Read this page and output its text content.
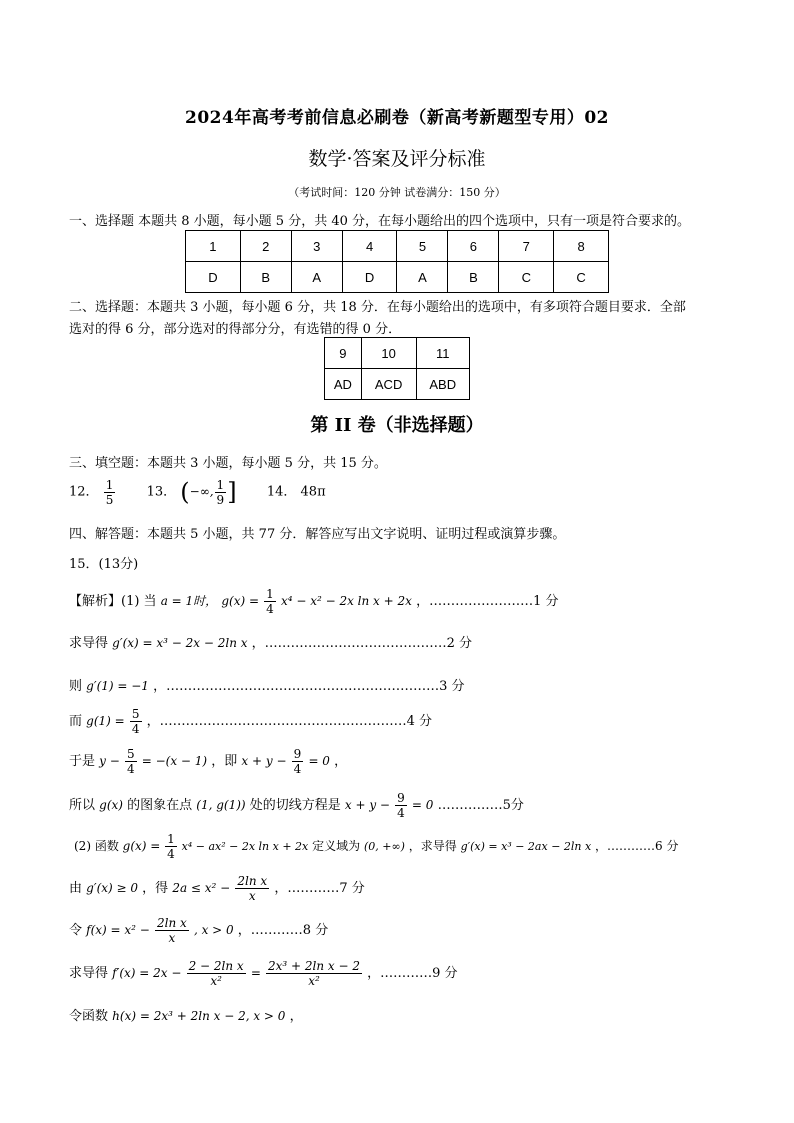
2024年高考考前信息必刷卷（新高考新题型专用）02
数学·答案及评分标准
（考试时间：120 分钟 试卷满分：150 分）
一、选择题 本题共 8 小题，每小题 5 分，共 40 分，在每小题给出的四个选项中，只有一项是符合要求的。
1	2	3	4	5	6	7	8
D	B	A	D	A	B	C	C
二、选择题：本题共 3 小题，每小题 6 分，共 18 分．在每小题给出的选项中，有多项符合题目要求．全部
选对的得 6 分，部分选对的得部分分，有选错的得 0 分．
9	10	11
AD	ACD	ABD
第 II 卷（非选择题）
三、填空题：本题共 3 小题，每小题 5 分，共 15 分。
12． $\frac{1}{5} 13$． (−∞, $\frac{1}{9}$ ] 14． 48π
四、解答题：本题共 5 小题，共 77 分．解答应写出文字说明、证明过程或演算步骤。
15．(13分)
【解析】(1) 当 a = 1时， $g(x) = \frac{1}{4} x^4 - x^2 - 2x$ ln x + 2x ，……………………1 分
求导得 g′(x) = x³ − 2x − 2ln x ，……………………………………2 分
则 g′(1) = −1 ，………………………………………………………3 分
而 $g(1) = \frac{5}{4}$ ，…………………………………………………4 分
于是 $y - \frac{5}{4} = -(x - 1)$ ，即 $x + y - \frac{9}{4} = 0$ ，
所以 g(x) 的图象在点 (1, g(1)) 处的切线方程是 $x + y - \frac{9}{4} = 0$ ……………5分
(2) 函数 $g(x) = \frac{1}{4} x^4 - ax^2 - 2x$ ln x + 2x 定义域为 (0, +∞) ，求导得 g′(x) = x³ − 2ax − 2ln x ，…………6 分
由 g′(x) ≥ 0 ，得 $2a \le x^2 - \frac{\text{2ln x}}{x}$ ，…………7 分
令 $f(x) = x^2 - \frac{\text{2ln x}}{x}$ , x > 0 ，…………8 分
求导得 $f'(x) = 2x - \frac{\text{2 − 2ln x}}{\text{x²}} = \frac{\text{2x³ + 2ln x − 2}}{\text{x²}}$ ，…………9 分
令函数 h(x) = 2x³ + 2ln x − 2, x > 0 ，
